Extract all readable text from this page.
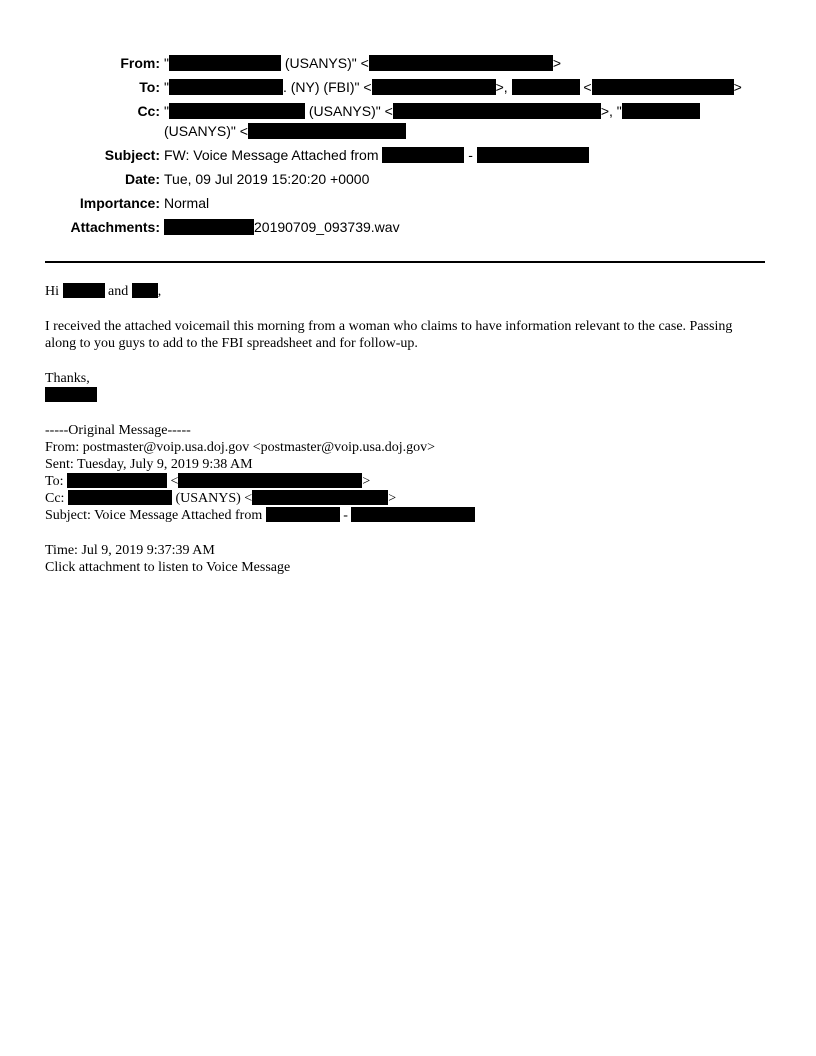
From: "	(USANYS)" <	>
To: "	. (NY) (FBI)" <	>,	<	>
Cc: "	(USANYS)" <	>, "
(USANYS)" <
Subject: FW: Voice Message Attached from	-
Date: Tue, 09 Jul 2019 15:20:20 +0000
Importance: Normal
Attachments:	20190709_093739.wav
Hi	and ,
I received the attached voicemail this morning from a woman who claims to have information relevant to the case. Passing
along to you guys to add to the FBI spreadsheet and for follow-up.
Thanks,
-----Original Message-----
From: postmaster@voip.usa.doj.gov <postmaster@voip.usa.doj.gov>
Sent: Tuesday, July 9, 2019 9:38 AM
To:	<	>
Cc:	(USANYS) <	>
Subject: Voice Message Attached from	-
Time: Jul 9, 2019 9:37:39 AM
Click attachment to listen to Voice Message
